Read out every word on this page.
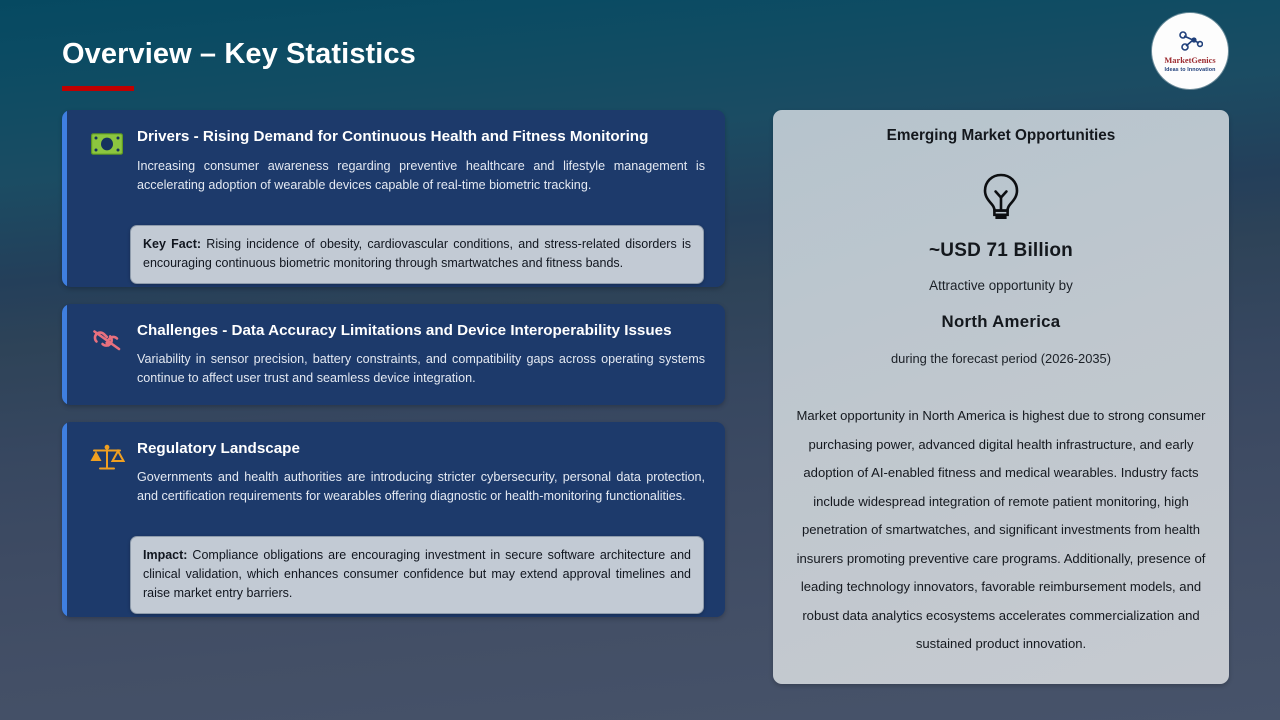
Overview – Key Statistics	MarketGenics
Ideas to Innovation
Drivers - Rising Demand for Continuous Health and Fitness Monitoring
Increasing consumer awareness regarding preventive healthcare and lifestyle management is accelerating adoption of wearable devices capable of real-time biometric tracking.
Key Fact: Rising incidence of obesity, cardiovascular conditions, and stress-related disorders is encouraging continuous biometric monitoring through smartwatches and fitness bands.
Challenges - Data Accuracy Limitations and Device Interoperability Issues
Variability in sensor precision, battery constraints, and compatibility gaps across operating systems continue to affect user trust and seamless device integration.
Regulatory Landscape
Governments and health authorities are introducing stricter cybersecurity, personal data protection, and certification requirements for wearables offering diagnostic or health-monitoring functionalities.
Impact: Compliance obligations are encouraging investment in secure software architecture and clinical validation, which enhances consumer confidence but may extend approval timelines and raise market entry barriers.
Emerging Market Opportunities
~USD 71 Billion
Attractive opportunity by
North America
during the forecast period (2026-2035)
Market opportunity in North America is highest due to strong consumer purchasing power, advanced digital health infrastructure, and early adoption of AI-enabled fitness and medical wearables. Industry facts include widespread integration of remote patient monitoring, high penetration of smartwatches, and significant investments from health insurers promoting preventive care programs. Additionally, presence of leading technology innovators, favorable reimbursement models, and robust data analytics ecosystems accelerates commercialization and sustained product innovation.
